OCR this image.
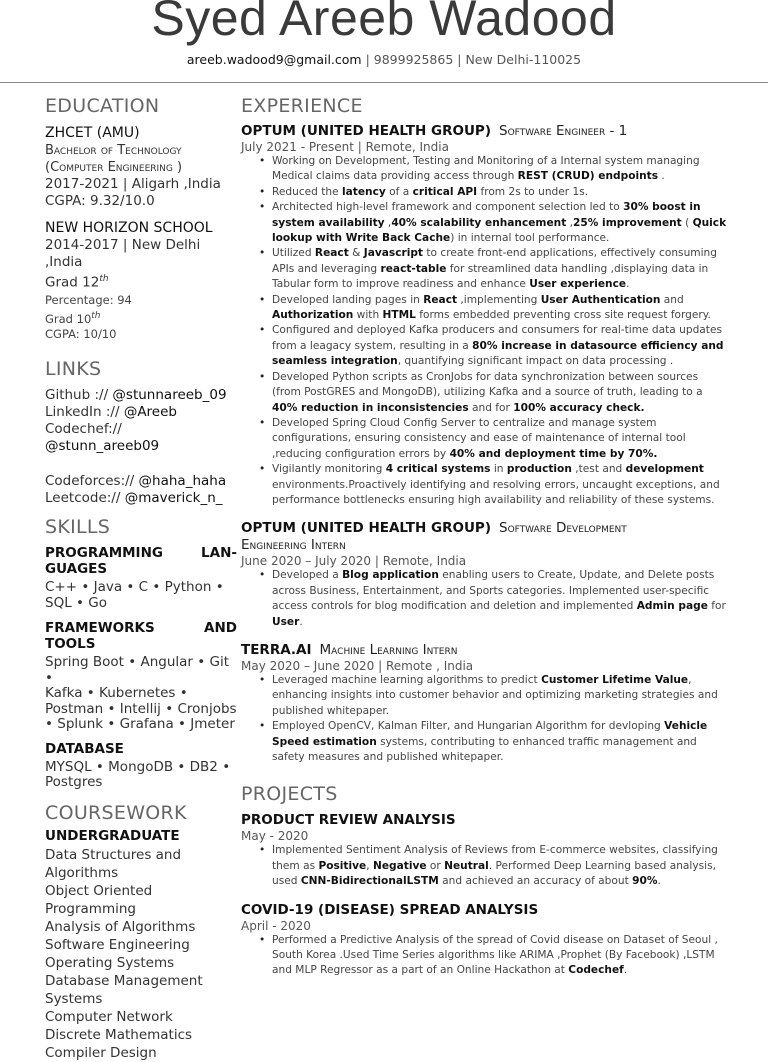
Syed Areeb Wadood
areeb.wadood9@gmail.com | 9899925865 | New Delhi-110025
EDUCATION
ZHCET (AMU)
Bachelor of Technology
(Computer Engineering )
2017-2021 | Aligarh ,India
CGPA: 9.32/10.0
NEW HORIZON SCHOOL
2014-2017 | New Delhi
,India
Grad 12th
Percentage: 94
Grad 10th
CGPA: 10/10
LINKS
Github :// @stunnareeb_09
LinkedIn :// @Areeb
Codechef:// @stunn_areeb09
Codeforces:// @haha_haha
Leetcode:// @maverick_n_
SKILLS
PROGRAMMING LAN-
GUAGES
C++ • Java • C • Python •
SQL • Go
FRAMEWORKS AND
TOOLS
Spring Boot • Angular • Git •
Kafka • Kubernetes •
Postman • Intellij • Cronjobs
• Splunk • Grafana • Jmeter
DATABASE
MYSQL • MongoDB • DB2 •
Postgres
COURSEWORK
UNDERGRADUATE
Data Structures and
Algorithms
Object Oriented
Programming
Analysis of Algorithms
Software Engineering
Operating Systems
Database Management
Systems
Computer Network
Discrete Mathematics
Compiler Design
EXPERIENCE
OPTUM (UNITED HEALTH GROUP) Software Engineer - 1
July 2021 - Present | Remote, India
• Working on Development, Testing and Monitoring of a Internal system managing Medical claims data providing access through REST (CRUD) endpoints .
• Reduced the latency of a critical API from 2s to under 1s.
• Architected high-level framework and component selection led to 30% boost in system availability ,40% scalability enhancement ,25% improvement ( Quick lookup with Write Back Cache) in internal tool performance.
• Utilized React & Javascript to create front-end applications, effectively consuming APIs and leveraging react-table for streamlined data handling ,displaying data in Tabular form to improve readiness and enhance User experience.
• Developed landing pages in React ,implementing User Authentication and Authorization with HTML forms embedded preventing cross site request forgery.
• Configured and deployed Kafka producers and consumers for real-time data updates from a leagacy system, resulting in a 80% increase in datasource efficiency and seamless integration, quantifying significant impact on data processing .
• Developed Python scripts as CronJobs for data synchronization between sources (from PostGRES and MongoDB), utilizing Kafka and a source of truth, leading to a 40% reduction in inconsistencies and for 100% accuracy check.
• Developed Spring Cloud Config Server to centralize and manage system configurations, ensuring consistency and ease of maintenance of internal tool ,reducing configuration errors by 40% and deployment time by 70%.
• Vigilantly monitoring 4 critical systems in production ,test and development environments.Proactively identifying and resolving errors, uncaught exceptions, and performance bottlenecks ensuring high availability and reliability of these systems.
OPTUM (UNITED HEALTH GROUP) Software Development
Engineering Intern
June 2020 – July 2020 | Remote, India
• Developed a Blog application enabling users to Create, Update, and Delete posts across Business, Entertainment, and Sports categories. Implemented user-specific access controls for blog modification and deletion and implemented Admin page for User.
TERRA.AI Machine Learning Intern
May 2020 – June 2020 | Remote , India
• Leveraged machine learning algorithms to predict Customer Lifetime Value, enhancing insights into customer behavior and optimizing marketing strategies and published whitepaper.
• Employed OpenCV, Kalman Filter, and Hungarian Algorithm for devloping Vehicle Speed estimation systems, contributing to enhanced traffic management and safety measures and published whitepaper.
PROJECTS
PRODUCT REVIEW ANALYSIS
May - 2020
• Implemented Sentiment Analysis of Reviews from E-commerce websites, classifying them as Positive, Negative or Neutral. Performed Deep Learning based analysis, used CNN-BidirectionalLSTM and achieved an accuracy of about 90%.
COVID-19 (DISEASE) SPREAD ANALYSIS
April - 2020
• Performed a Predictive Analysis of the spread of Covid disease on Dataset of Seoul , South Korea .Used Time Series algorithms like ARIMA ,Prophet (By Facebook) ,LSTM and MLP Regressor as a part of an Online Hackathon at Codechef.
